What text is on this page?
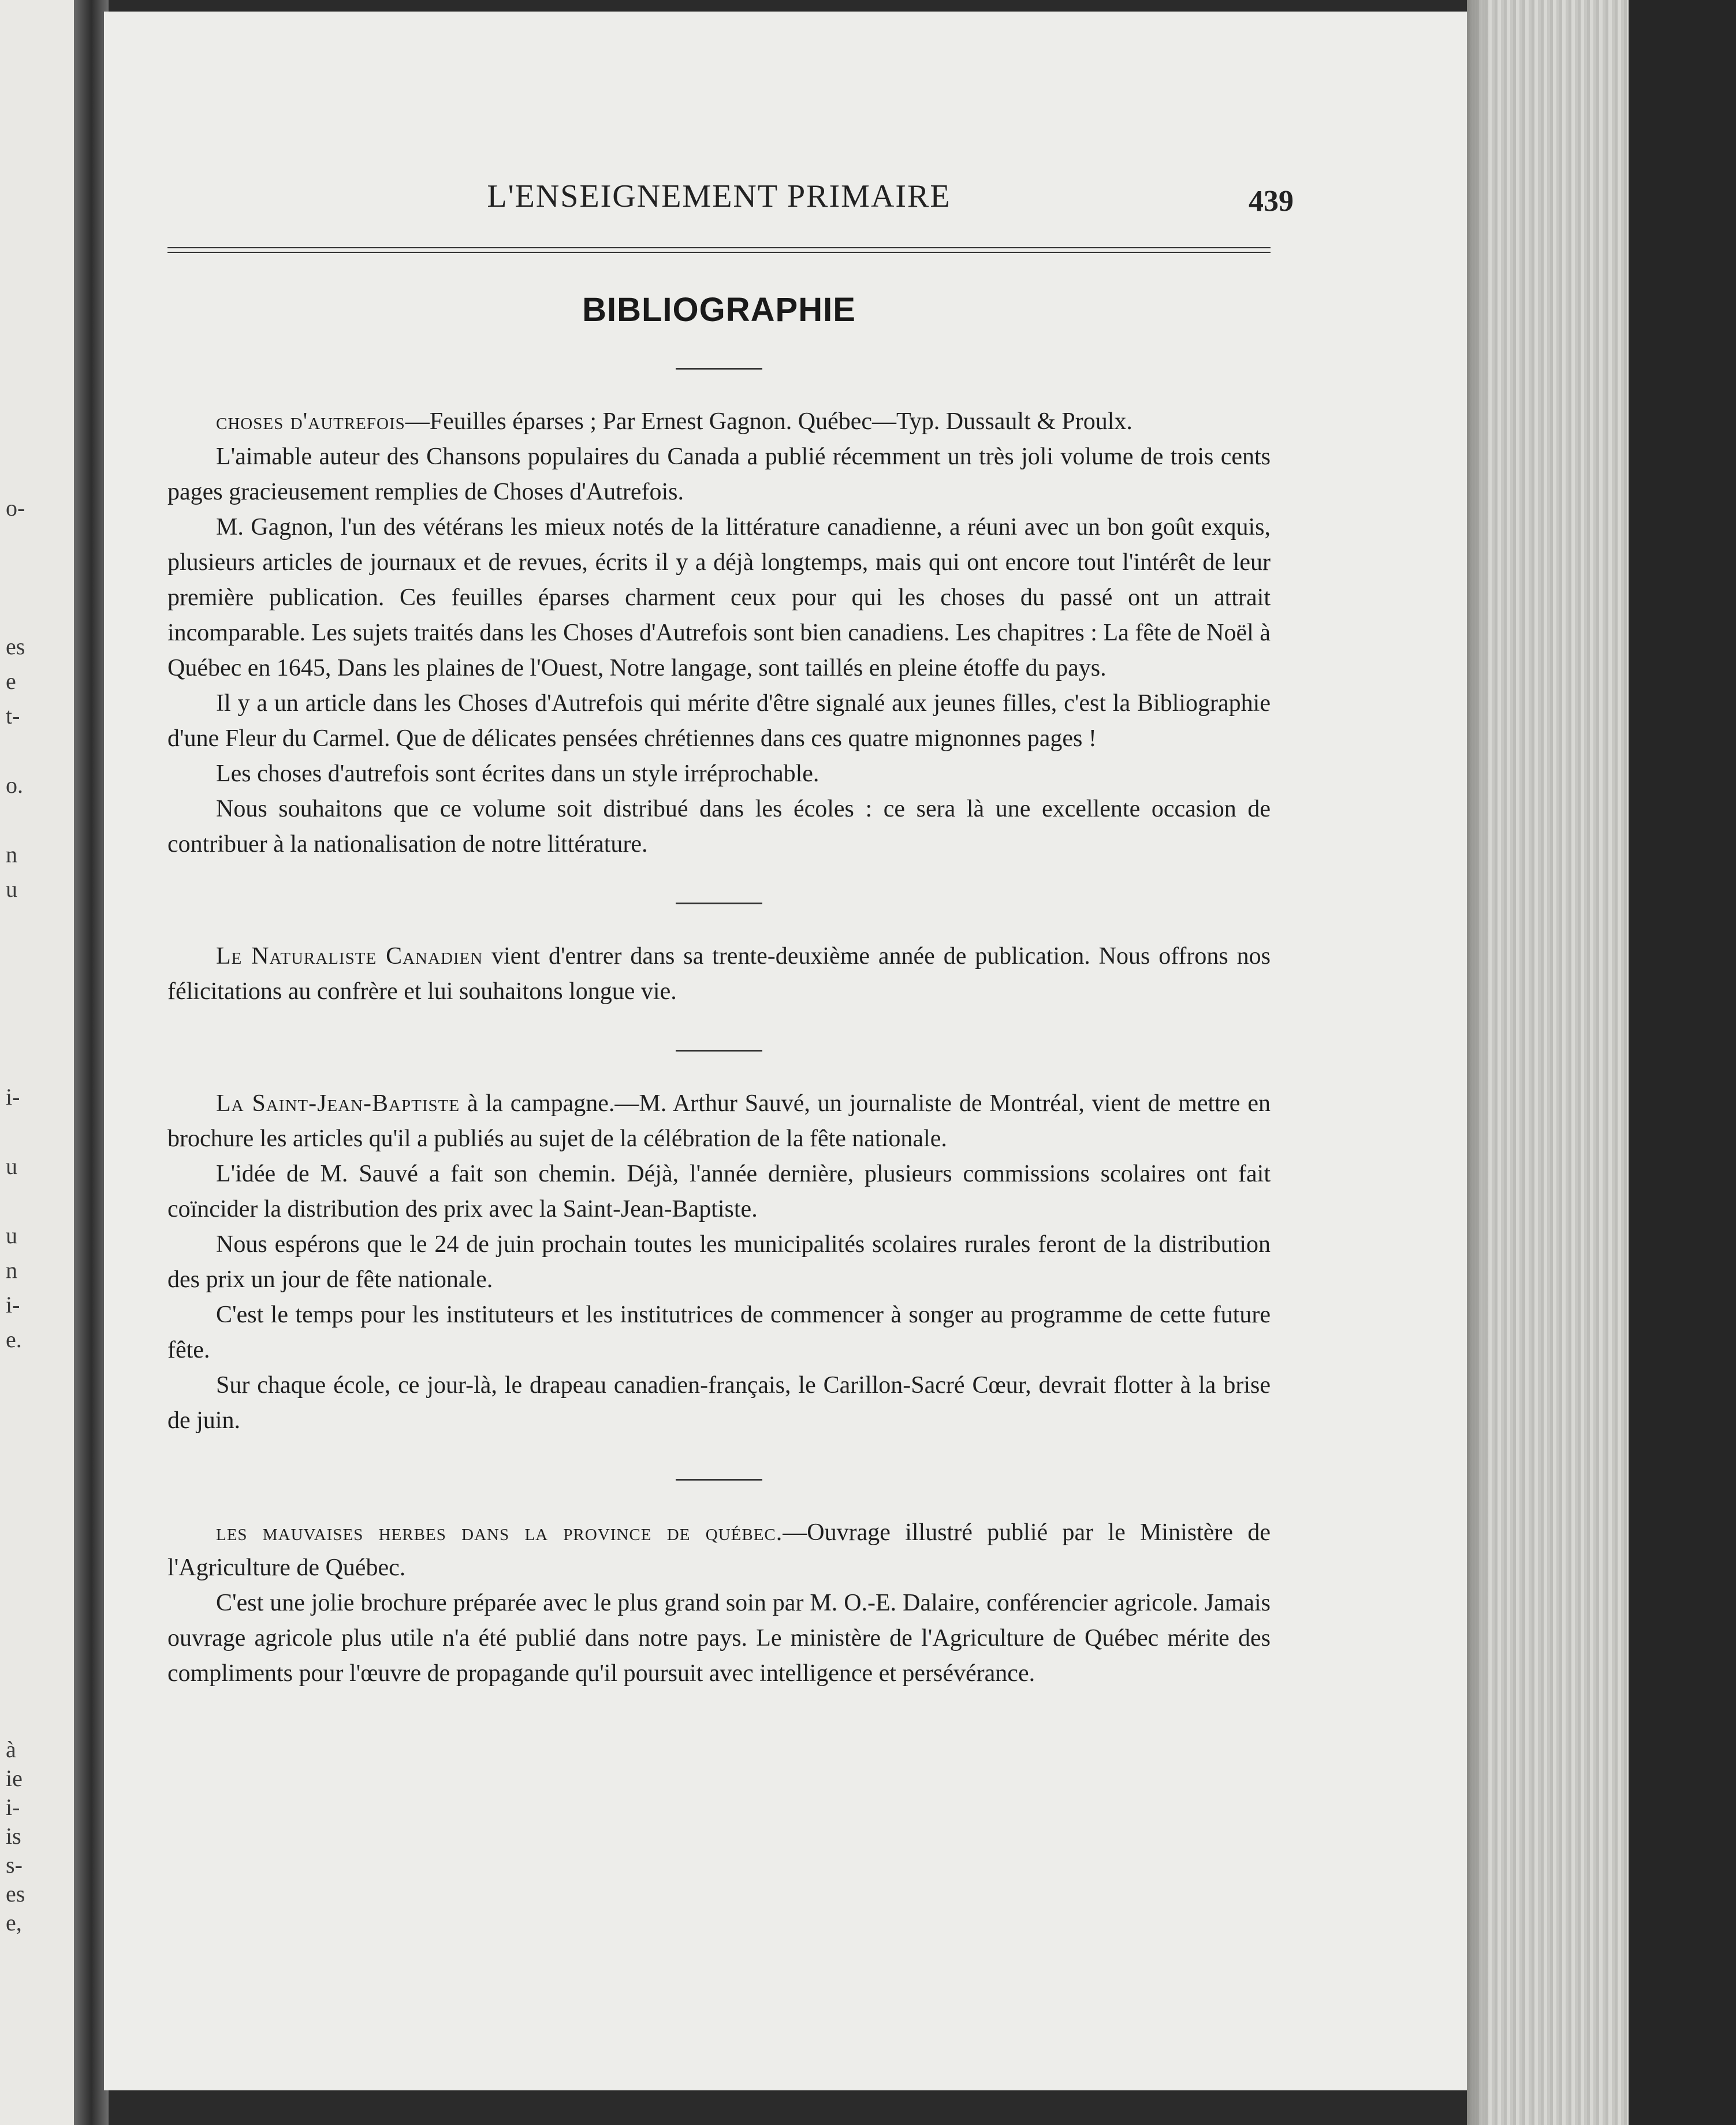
o-
es
e
t-
o.
n
u
i-
u
u
n
i-
e.
à
ie
i-
is
s-
es
e,
L'ENSEIGNEMENT PRIMAIRE	439
BIBLIOGRAPHIE

choses d'autrefois—Feuilles éparses ; Par Ernest Gagnon. Québec—Typ. Dussault & Proulx.

L'aimable auteur des Chansons populaires du Canada a publié récemment un très joli volume de trois cents pages gracieusement remplies de Choses d'Autrefois.

M. Gagnon, l'un des vétérans les mieux notés de la littérature canadienne, a réuni avec un bon goût exquis, plusieurs articles de journaux et de revues, écrits il y a déjà longtemps, mais qui ont encore tout l'intérêt de leur première publication. Ces feuilles éparses charment ceux pour qui les choses du passé ont un attrait incomparable. Les sujets traités dans les Choses d'Autrefois sont bien canadiens. Les chapitres : La fête de Noël à Québec en 1645, Dans les plaines de l'Ouest, Notre langage, sont taillés en pleine étoffe du pays.

Il y a un article dans les Choses d'Autrefois qui mérite d'être signalé aux jeunes filles, c'est la Bibliographie d'une Fleur du Carmel. Que de délicates pensées chrétiennes dans ces quatre mignonnes pages !

Les choses d'autrefois sont écrites dans un style irréprochable.

Nous souhaitons que ce volume soit distribué dans les écoles : ce sera là une excellente occasion de contribuer à la nationalisation de notre littérature.

Le Naturaliste Canadien vient d'entrer dans sa trente-deuxième année de publication. Nous offrons nos félicitations au confrère et lui souhaitons longue vie.

La Saint-Jean-Baptiste à la campagne.—M. Arthur Sauvé, un journaliste de Montréal, vient de mettre en brochure les articles qu'il a publiés au sujet de la célébration de la fête nationale.

L'idée de M. Sauvé a fait son chemin. Déjà, l'année dernière, plusieurs commissions scolaires ont fait coïncider la distribution des prix avec la Saint-Jean-Baptiste.

Nous espérons que le 24 de juin prochain toutes les municipalités scolaires rurales feront de la distribution des prix un jour de fête nationale.

C'est le temps pour les instituteurs et les institutrices de commencer à songer au programme de cette future fête.

Sur chaque école, ce jour-là, le drapeau canadien-français, le Carillon-Sacré Cœur, devrait flotter à la brise de juin.

les mauvaises herbes dans la province de québec.—Ouvrage illustré publié par le Ministère de l'Agriculture de Québec.

C'est une jolie brochure préparée avec le plus grand soin par M. O.-E. Dalaire, conférencier agricole. Jamais ouvrage agricole plus utile n'a été publié dans notre pays. Le ministère de l'Agriculture de Québec mérite des compliments pour l'œuvre de propagande qu'il poursuit avec intelligence et persévérance.
